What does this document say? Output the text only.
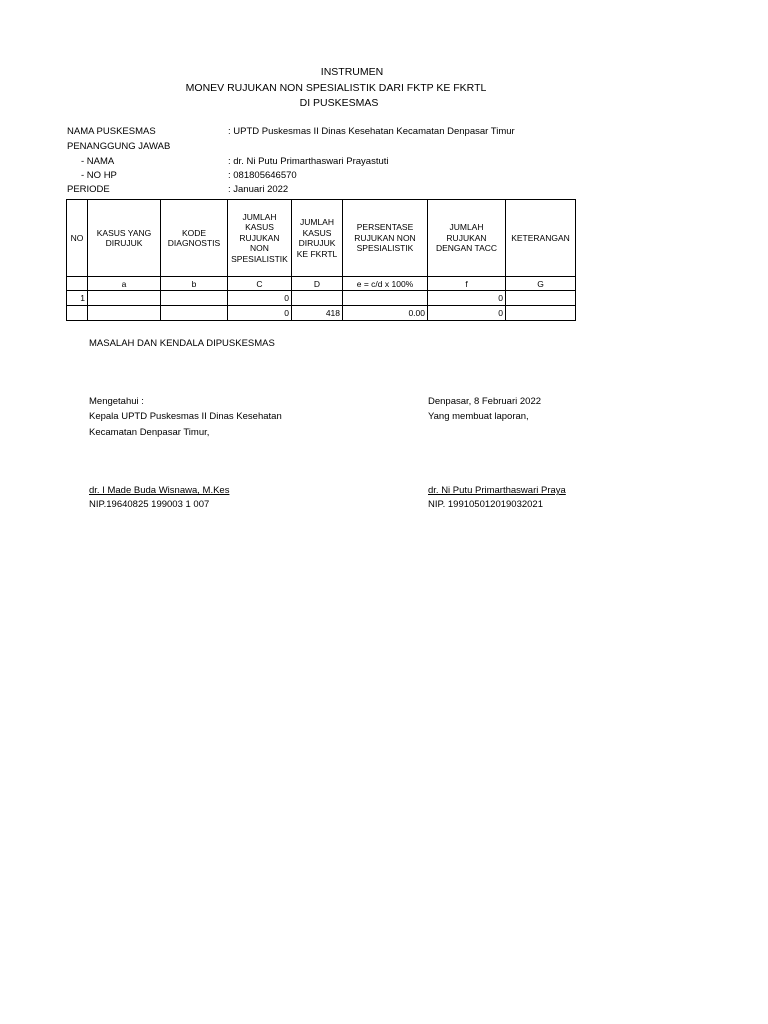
INSTRUMEN
MONEV RUJUKAN NON SPESIALISTIK DARI FKTP KE FKRTL
DI PUSKESMAS
NAMA PUSKESMAS	: UPTD Puskesmas II Dinas Kesehatan Kecamatan Denpasar Timur
PENANGGUNG JAWAB
- NAMA	: dr. Ni Putu Primarthaswari Prayastuti
- NO HP	: 081805646570
PERIODE	: Januari 2022
NO	KASUS YANG DIRUJUK	KODE DIAGNOSTIS	JUMLAH KASUS RUJUKAN NON SPESIALISTIK	JUMLAH KASUS DIRUJUK KE FKRTL	PERSENTASE RUJUKAN NON SPESIALISTIK	JUMLAH RUJUKAN DENGAN TACC	KETERANGAN
	a	b	C	D	e = c/d x 100%	f	G
1			0			0	
			0	418	0.00	0	
MASALAH DAN KENDALA DIPUSKESMAS
Mengetahui :
Kepala UPTD Puskesmas II Dinas Kesehatan
Kecamatan Denpasar Timur,
dr. I Made Buda Wisnawa, M.Kes
NIP.19640825 199003 1 007
Denpasar, 8 Februari 2022
Yang membuat laporan,
dr. Ni Putu Primarthaswari Praya
NIP. 199105012019032021
